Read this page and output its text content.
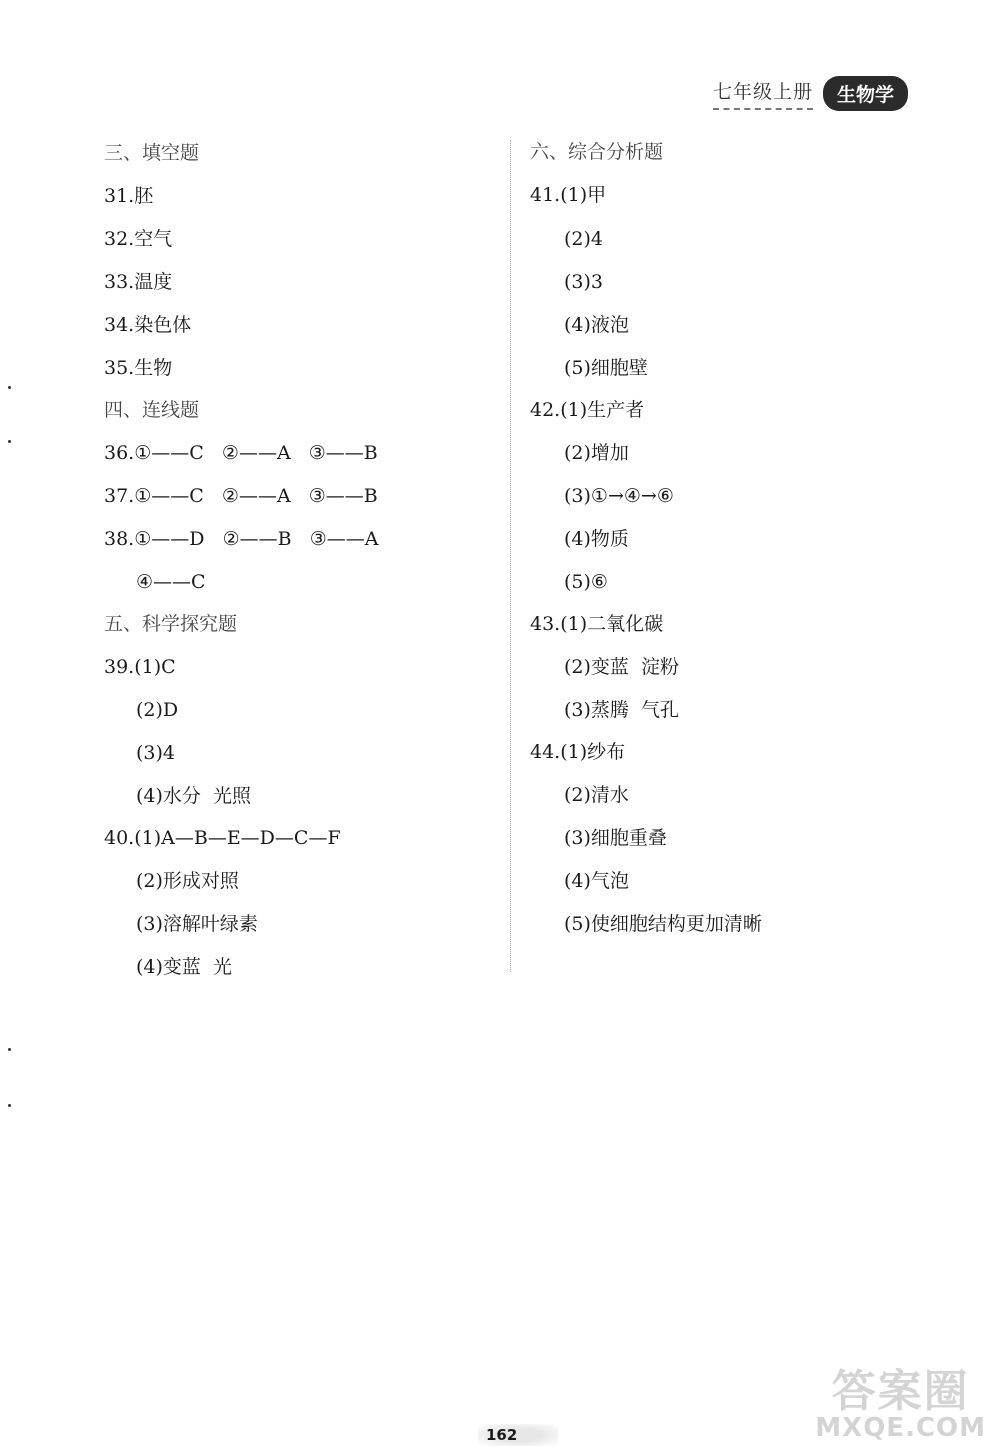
七年级上册	生物学
三、填空题
31.胚
32.空气
33.温度
34.染色体
35.生物
四、连线题
36.①——C   ②——A   ③——B
37.①——C   ②——A   ③——B
38.①——D   ②——B   ③——A
④——C
五、科学探究题
39.(1)C
(2)D
(3)4
(4)水分  光照
40.(1)A—B—E—D—C—F
(2)形成对照
(3)溶解叶绿素
(4)变蓝  光
六、综合分析题
41.(1)甲
(2)4
(3)3
(4)液泡
(5)细胞壁
42.(1)生产者
(2)增加
(3)①→④→⑥
(4)物质
(5)⑥
43.(1)二氧化碳
(2)变蓝  淀粉
(3)蒸腾  气孔
44.(1)纱布
(2)清水
(3)细胞重叠
(4)气泡
(5)使细胞结构更加清晰
162
答案圈
MXQE.COM
